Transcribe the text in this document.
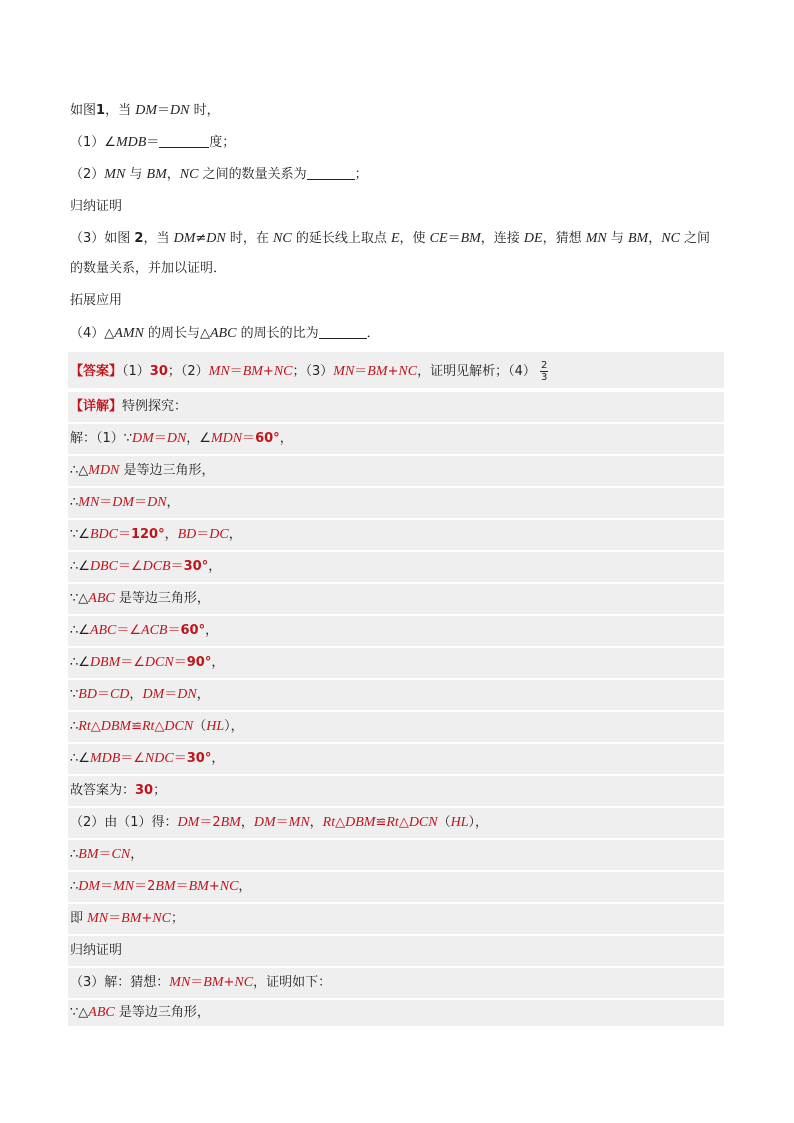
如图1，当 DM＝DN 时，
（1）∠MDB＝	度；
（2）MN 与 BM，NC 之间的数量关系为	；
归纳证明
（3）如图 2，当 DM≠DN 时，在 NC 的延长线上取点 E，使 CE＝BM，连接 DE，猜想 MN 与 BM，NC 之间
的数量关系，并加以证明．
拓展应用
（4）△AMN 的周长与△ABC 的周长的比为	．
【答案】（1）30；（2）MN＝BM+NC；（3）MN＝BM+NC，证明见解析；$(4) \frac{2}{3}$
【详解】特例探究：
解：（1）∵DM＝DN，∠MDN＝60°，
∴△MDN 是等边三角形，
∴MN＝DM＝DN，
∵∠BDC＝120°，BD＝DC，
∴∠DBC＝∠DCB＝30°，
∵△ABC 是等边三角形，
∴∠ABC＝∠ACB＝60°，
∴∠DBM＝∠DCN＝90°，
∵BD＝CD，DM＝DN，
∴Rt△DBM≌Rt△DCN（HL），
∴∠MDB＝∠NDC＝30°，
故答案为：30；
（2）由（1）得：DM＝2BM，DM＝MN，Rt△DBM≌Rt△DCN（HL），
∴BM＝CN，
∴DM＝MN＝2BM＝BM+NC，
即 MN＝BM+NC；
归纳证明
（3）解：猜想：MN＝BM+NC，证明如下：
∵△ABC 是等边三角形，
